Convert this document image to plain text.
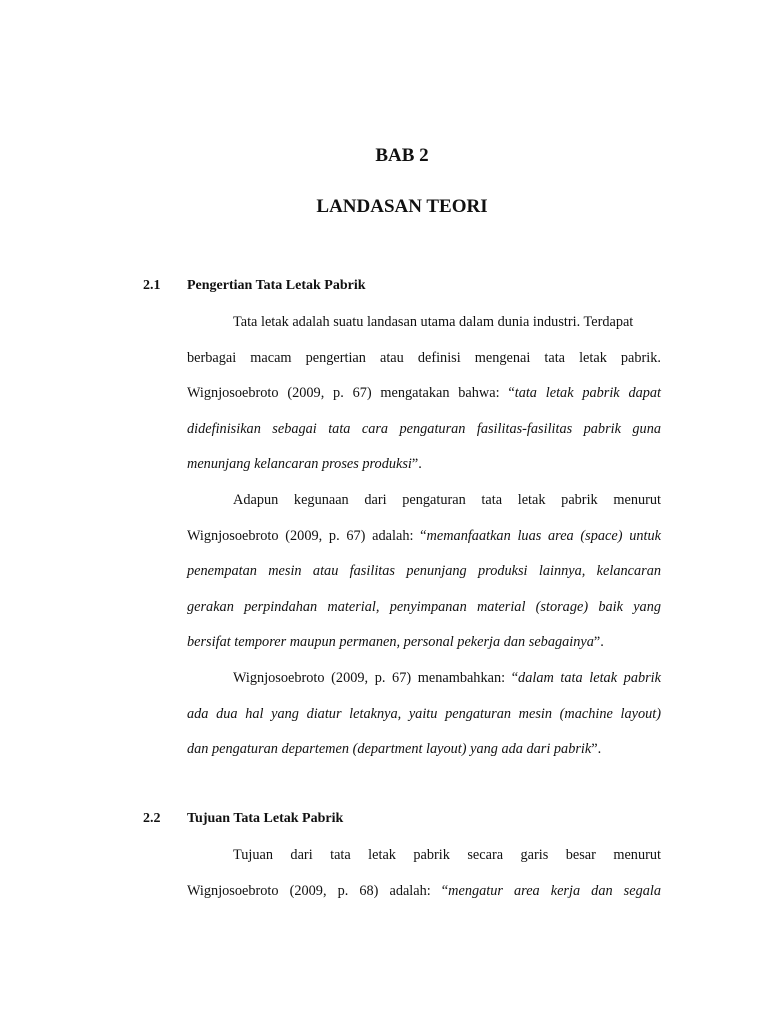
BAB 2
LANDASAN TEORI
2.1 Pengertian Tata Letak Pabrik
Tata letak adalah suatu landasan utama dalam dunia industri. Terdapat
berbagai macam pengertian atau definisi mengenai tata letak pabrik.
Wignjosoebroto (2009, p. 67) mengatakan bahwa: “tata letak pabrik dapat
didefinisikan sebagai tata cara pengaturan fasilitas-fasilitas pabrik guna
menunjang kelancaran proses produksi”.
Adapun kegunaan dari pengaturan tata letak pabrik menurut
Wignjosoebroto (2009, p. 67) adalah: “memanfaatkan luas area (space) untuk
penempatan mesin atau fasilitas penunjang produksi lainnya, kelancaran
gerakan perpindahan material, penyimpanan material (storage) baik yang
bersifat temporer maupun permanen, personal pekerja dan sebagainya”.
Wignjosoebroto (2009, p. 67) menambahkan: “dalam tata letak pabrik
ada dua hal yang diatur letaknya, yaitu pengaturan mesin (machine layout)
dan pengaturan departemen (department layout) yang ada dari pabrik”.
2.2 Tujuan Tata Letak Pabrik
Tujuan dari tata letak pabrik secara garis besar menurut
Wignjosoebroto (2009, p. 68) adalah: “mengatur area kerja dan segala
